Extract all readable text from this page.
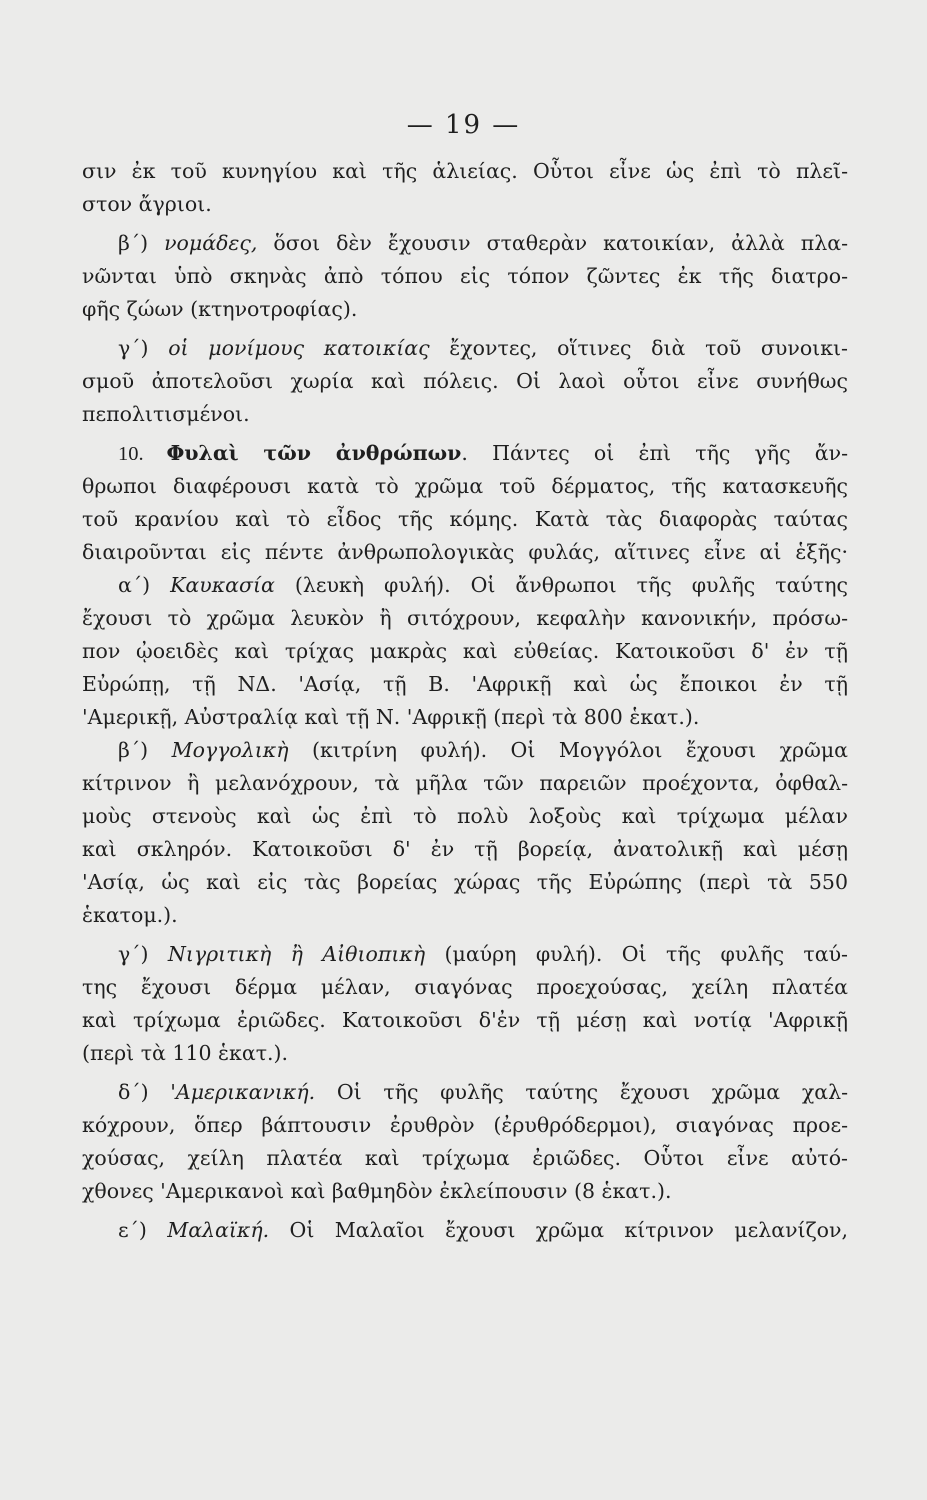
— 19 —
σιν ἐκ τοῦ κυνηγίου καὶ τῆς ἁλιείας. Οὗτοι εἶνε ὡς ἐπὶ τὸ πλεῖ-
στον ἄγριοι.
β΄) νομάδες, ὅσοι δὲν ἔχουσιν σταθερὰν κατοικίαν, ἀλλὰ πλα-
νῶνται ὑπὸ σκηνὰς ἀπὸ τόπου εἰς τόπον ζῶντες ἐκ τῆς διατρο-
φῆς ζώων (κτηνοτροφίας).
γ΄) οἱ μονίμους κατοικίας ἔχοντες, οἵτινες διὰ τοῦ συνοικι-
σμοῦ ἀποτελοῦσι χωρία καὶ πόλεις. Οἱ λαοὶ οὗτοι εἶνε συνήθως
πεπολιτισμένοι.
10. Φυλαὶ τῶν ἀνθρώπων. Πάντες οἱ ἐπὶ τῆς γῆς ἄν-
θρωποι διαφέρουσι κατὰ τὸ χρῶμα τοῦ δέρματος, τῆς κατασκευῆς
τοῦ κρανίου καὶ τὸ εἶδος τῆς κόμης. Κατὰ τὰς διαφορὰς ταύτας
διαιροῦνται εἰς πέντε ἀνθρωπολογικὰς φυλάς, αἵτινες εἶνε αἱ ἑξῆς·
α΄) Καυκασία (λευκὴ φυλή). Οἱ ἄνθρωποι τῆς φυλῆς ταύτης
ἔχουσι τὸ χρῶμα λευκὸν ἢ σιτόχρουν, κεφαλὴν κανονικήν, πρόσω-
πον ᾠοειδὲς καὶ τρίχας μακρὰς καὶ εὐθείας. Κατοικοῦσι δ' ἐν τῇ
Εὐρώπῃ, τῇ ΝΔ. 'Ασίᾳ, τῇ Β. 'Αφρικῇ καὶ ὡς ἔποικοι ἐν τῇ
'Αμερικῇ, Αὐστραλίᾳ καὶ τῇ Ν. 'Αφρικῇ (περὶ τὰ 800 ἑκατ.).
β΄) Μογγολικὴ (κιτρίνη φυλή). Οἱ Μογγόλοι ἔχουσι χρῶμα
κίτρινον ἢ μελανόχρουν, τὰ μῆλα τῶν παρειῶν προέχοντα, ὀφθαλ-
μοὺς στενοὺς καὶ ὡς ἐπὶ τὸ πολὺ λοξοὺς καὶ τρίχωμα μέλαν
καὶ σκληρόν. Κατοικοῦσι δ' ἐν τῇ βορείᾳ, ἀνατολικῇ καὶ μέσῃ
'Ασίᾳ, ὡς καὶ εἰς τὰς βορείας χώρας τῆς Εὐρώπης (περὶ τὰ 550
ἑκατομ.).
γ΄) Νιγριτικὴ ἢ Αἰθιοπικὴ (μαύρη φυλή). Οἱ τῆς φυλῆς ταύ-
της ἔχουσι δέρμα μέλαν, σιαγόνας προεχούσας, χείλη πλατέα
καὶ τρίχωμα ἐριῶδες. Κατοικοῦσι δ'ἐν τῇ μέσῃ καὶ νοτίᾳ 'Αφρικῇ
(περὶ τὰ 110 ἑκατ.).
δ΄) 'Αμερικανική. Οἱ τῆς φυλῆς ταύτης ἔχουσι χρῶμα χαλ-
κόχρουν, ὅπερ βάπτουσιν ἐρυθρὸν (ἐρυθρόδερμοι), σιαγόνας προε-
χούσας, χείλη πλατέα καὶ τρίχωμα ἐριῶδες. Οὗτοι εἶνε αὐτό-
χθονες 'Αμερικανοὶ καὶ βαθμηδὸν ἐκλείπουσιν (8 ἑκατ.).
ε΄) Μαλαϊκή. Οἱ Μαλαῖοι ἔχουσι χρῶμα κίτρινον μελανίζον,
